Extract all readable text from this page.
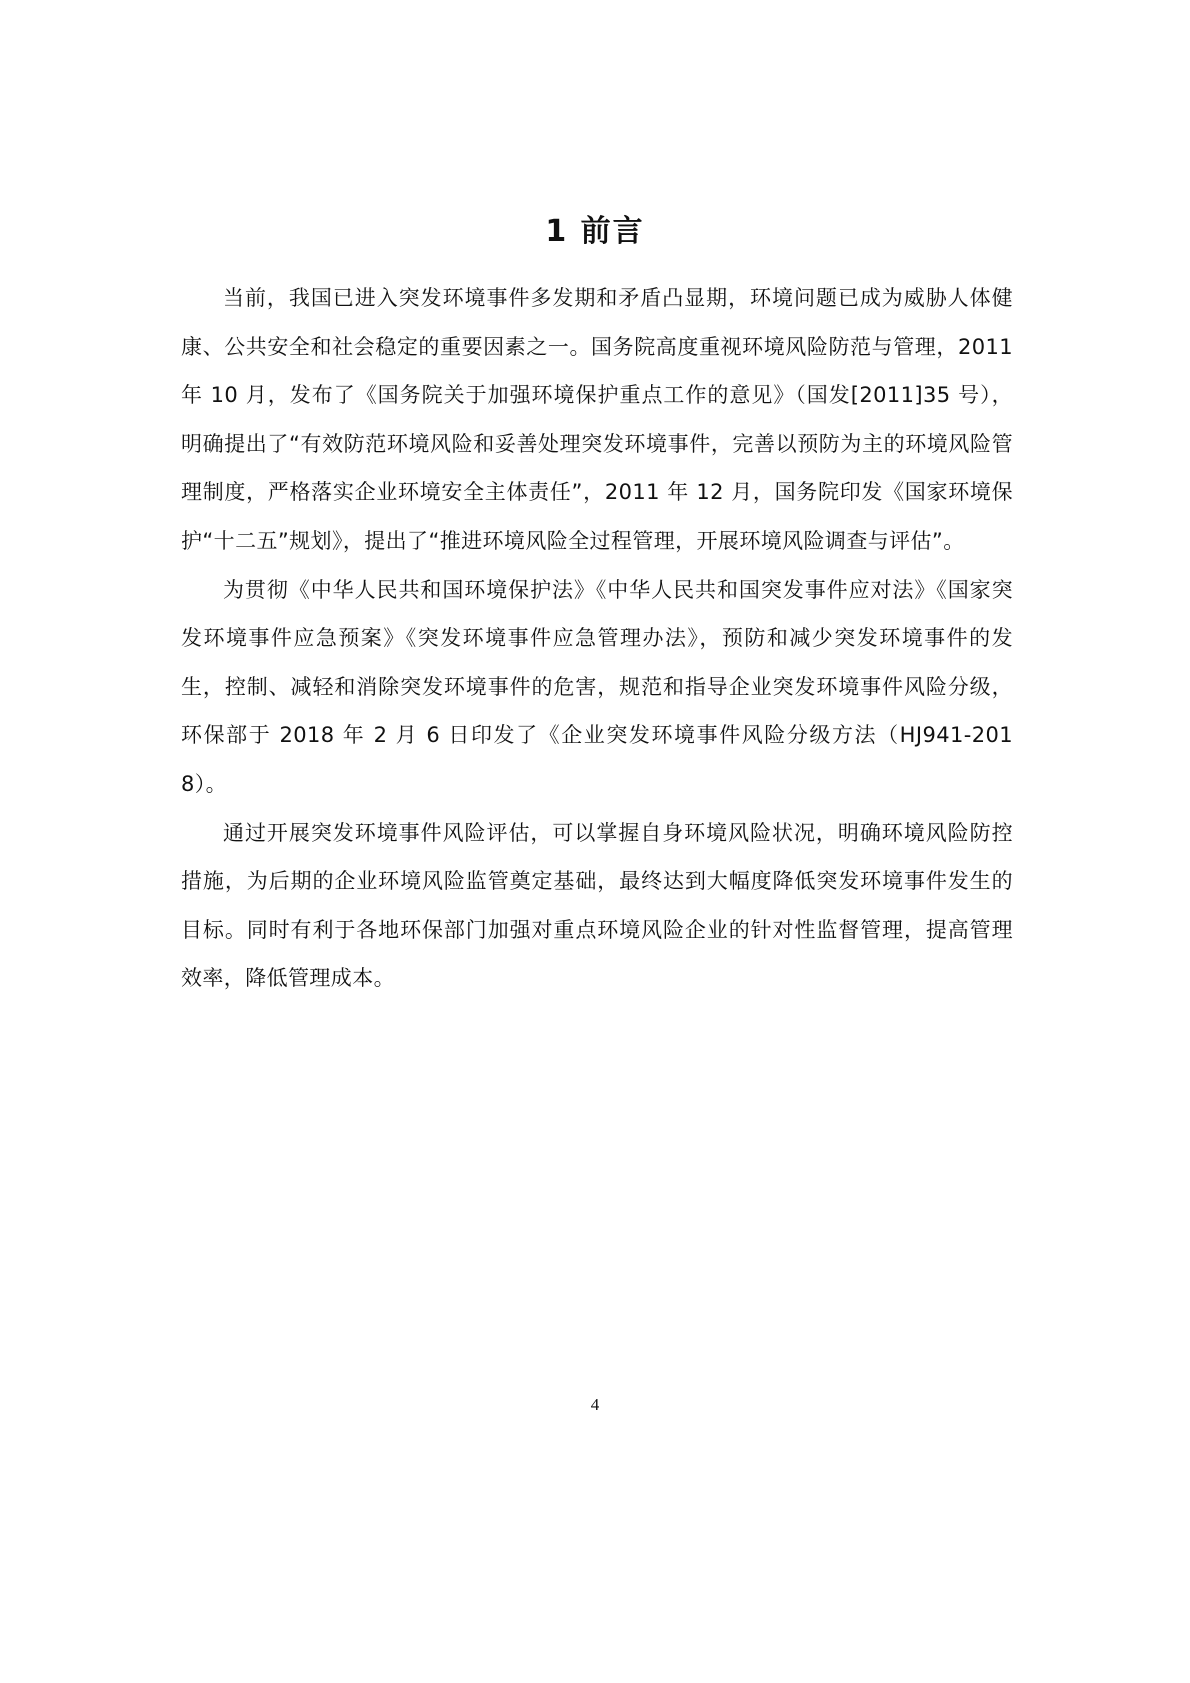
1 前言

当前，我国已进入突发环境事件多发期和矛盾凸显期，环境问题已成为威胁人体健康、公共安全和社会稳定的重要因素之一。国务院高度重视环境风险防范与管理，2011 年 10 月，发布了《国务院关于加强环境保护重点工作的意见》（国发[2011]35 号），明确提出了“有效防范环境风险和妥善处理突发环境事件，完善以预防为主的环境风险管理制度，严格落实企业环境安全主体责任”，2011 年 12 月，国务院印发《国家环境保护“十二五”规划》，提出了“推进环境风险全过程管理，开展环境风险调查与评估”。

为贯彻《中华人民共和国环境保护法》《中华人民共和国突发事件应对法》《国家突发环境事件应急预案》《突发环境事件应急管理办法》，预防和减少突发环境事件的发生，控制、减轻和消除突发环境事件的危害，规范和指导企业突发环境事件风险分级，环保部于 2018 年 2 月 6 日印发了《企业突发环境事件风险分级方法（HJ941-2018）。

通过开展突发环境事件风险评估，可以掌握自身环境风险状况，明确环境风险防控措施，为后期的企业环境风险监管奠定基础，最终达到大幅度降低突发环境事件发生的目标。同时有利于各地环保部门加强对重点环境风险企业的针对性监督管理，提高管理效率，降低管理成本。

4
